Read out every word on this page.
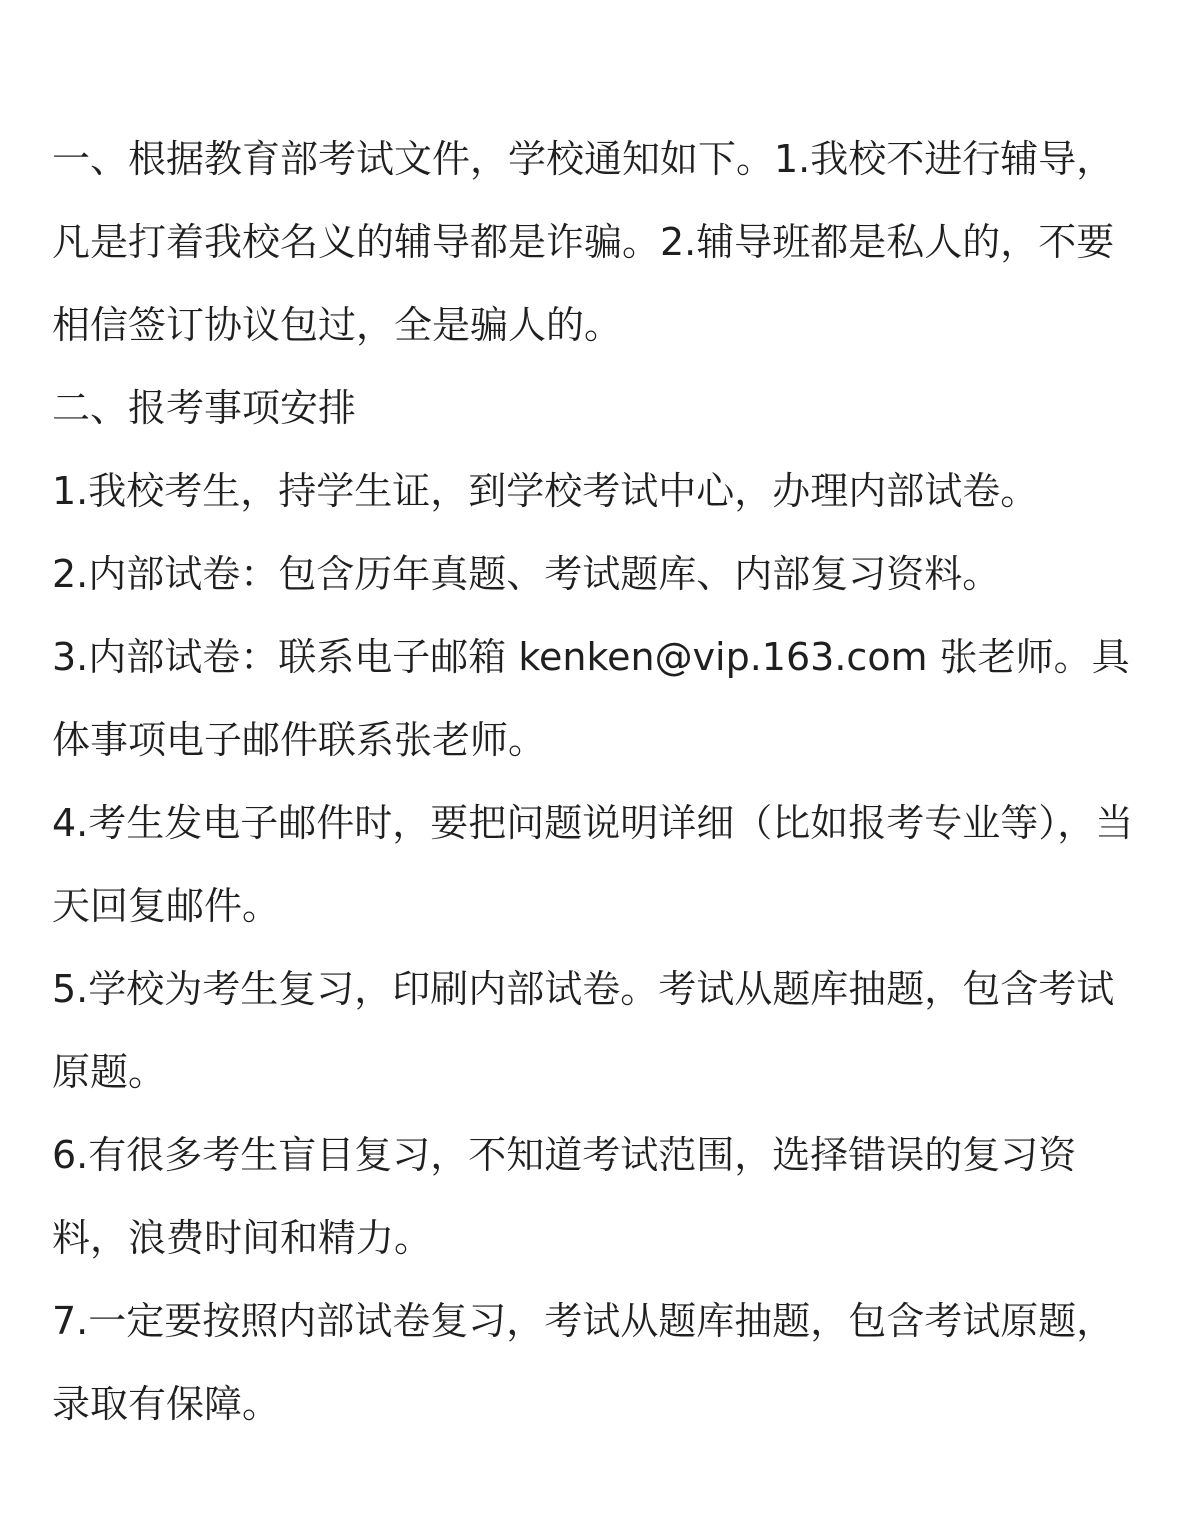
一、根据教育部考试文件，学校通知如下。1.我校不进行辅导，凡是打着我校名义的辅导都是诈骗。2.辅导班都是私人的，不要相信签订协议包过，全是骗人的。

二、报考事项安排

1.我校考生，持学生证，到学校考试中心，办理内部试卷。

2.内部试卷：包含历年真题、考试题库、内部复习资料。

3.内部试卷：联系电子邮箱 kenken@vip.163.com 张老师。具体事项电子邮件联系张老师。

4.考生发电子邮件时，要把问题说明详细（比如报考专业等），当天回复邮件。

5.学校为考生复习，印刷内部试卷。考试从题库抽题，包含考试原题。

6.有很多考生盲目复习，不知道考试范围，选择错误的复习资料，浪费时间和精力。

7.一定要按照内部试卷复习，考试从题库抽题，包含考试原题，录取有保障。
